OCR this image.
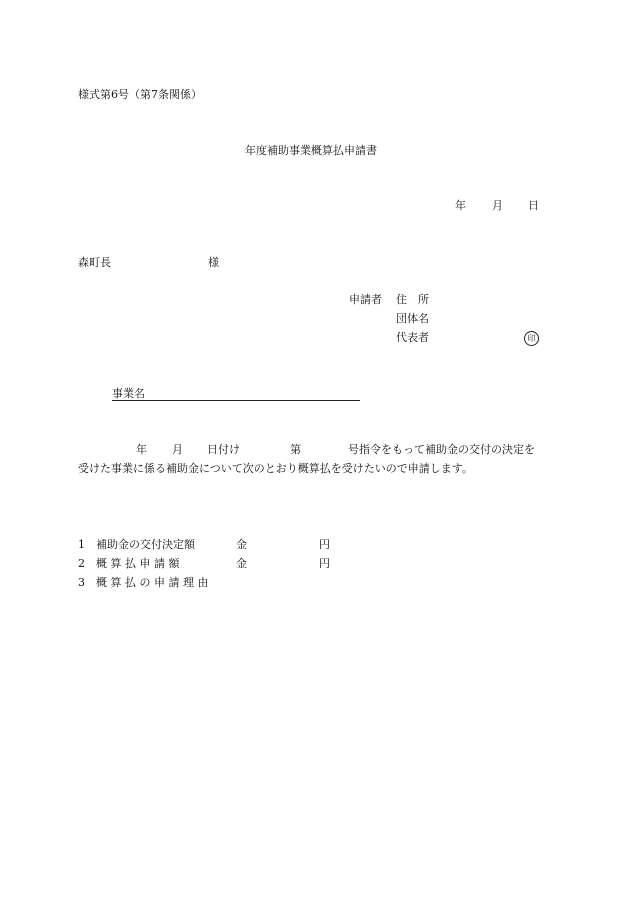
様式第6号（第7条関係）
年度補助事業概算払申請書
年 月 日
森町長	様
申請者 住　所
団体名
代表者	印
事業名
年 月 日付け	第	号指令をもって補助金の交付の決定を
受けた事業に係る補助金について次のとおり概算払を受けたいので申請します。
1 補助金の交付決定額	金	円
2 概 算 払 申 請 額	金	円
3 概 算 払 の 申 請 理 由
